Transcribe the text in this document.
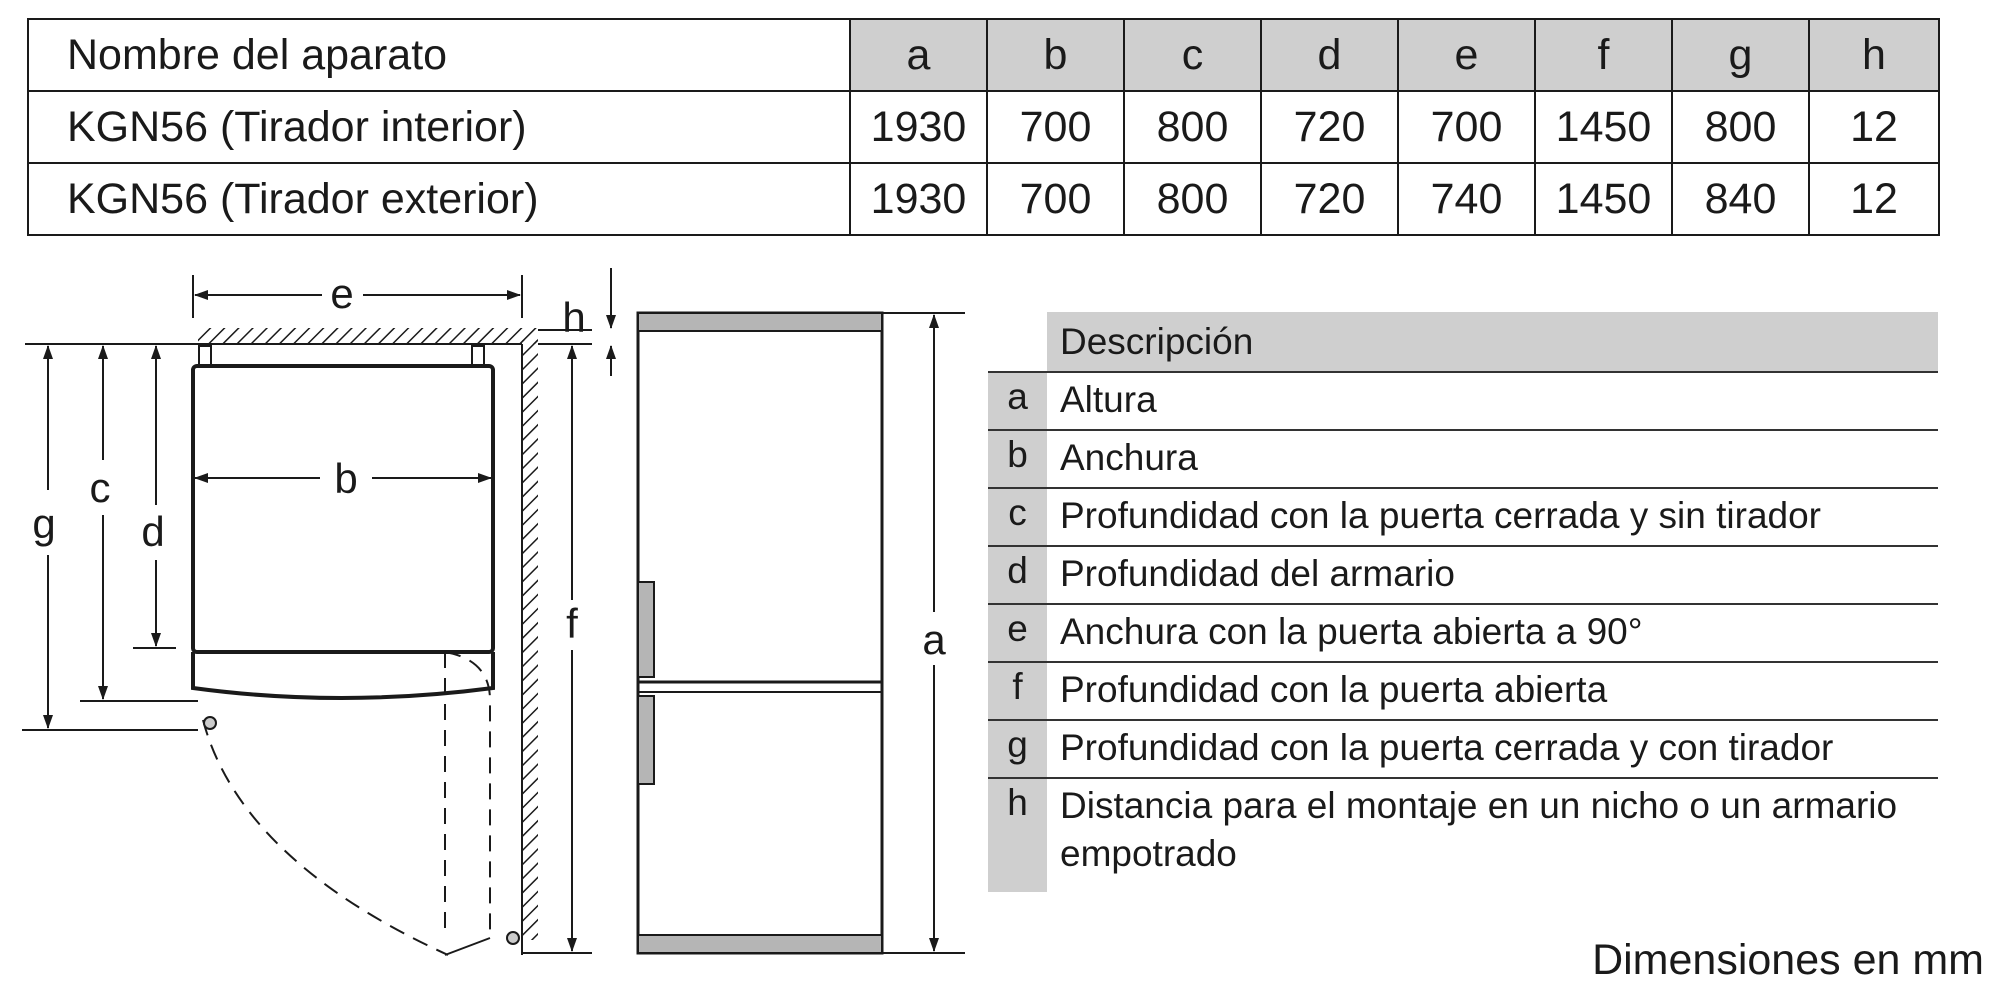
Nombre del aparato	a	b	c	d	e	f	g	h
KGN56 (Tirador interior)	1930	700	800	720	700	1450	800	12
KGN56 (Tirador exterior)	1930	700	800	720	740	1450	840	12
e
b
g
c
d
h
f	a
Descripción
a Altura
b Anchura
c Profundidad con la puerta cerrada y sin tirador
d Profundidad del armario
e Anchura con la puerta abierta a 90°
f	Profundidad con la puerta abierta
g Profundidad con la puerta cerrada y con tirador
h Distancia para el montaje en un nicho o un armario empotrado
Dimensiones en mm
